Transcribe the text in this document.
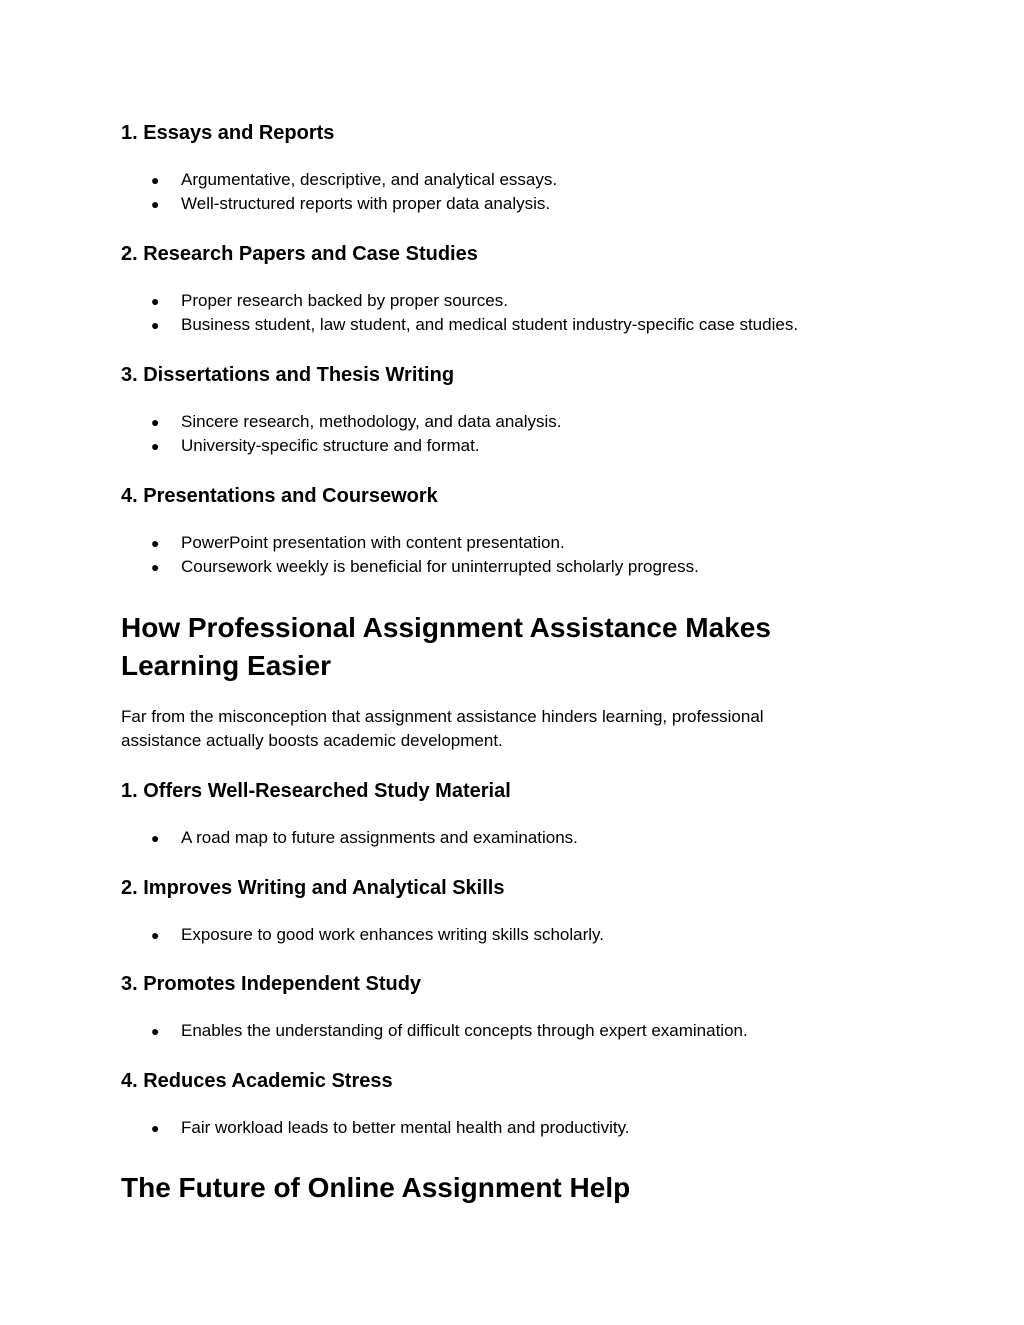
1. Essays and Reports
● Argumentative, descriptive, and analytical essays.
● Well-structured reports with proper data analysis.
2. Research Papers and Case Studies
● Proper research backed by proper sources.
● Business student, law student, and medical student industry-specific case studies.
3. Dissertations and Thesis Writing
● Sincere research, methodology, and data analysis.
● University-specific structure and format.
4. Presentations and Coursework
● PowerPoint presentation with content presentation.
● Coursework weekly is beneficial for uninterrupted scholarly progress.
How Professional Assignment Assistance Makes
Learning Easier
Far from the misconception that assignment assistance hinders learning, professional
assistance actually boosts academic development.
1. Offers Well-Researched Study Material
● A road map to future assignments and examinations.
2. Improves Writing and Analytical Skills
● Exposure to good work enhances writing skills scholarly.
3. Promotes Independent Study
● Enables the understanding of difficult concepts through expert examination.
4. Reduces Academic Stress
● Fair workload leads to better mental health and productivity.
The Future of Online Assignment Help
